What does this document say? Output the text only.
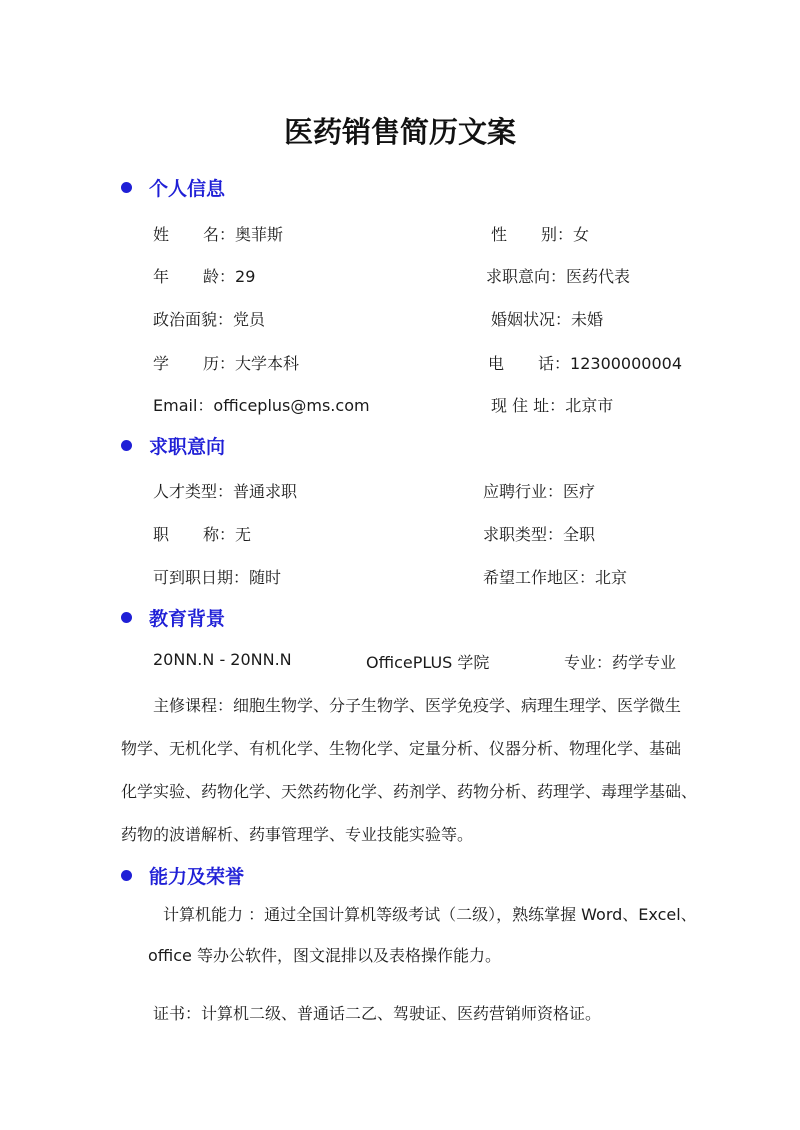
医药销售简历文案
个人信息
姓 名：奥菲斯	性 别：女
年 龄：29	求职意向：医药代表
政治面貌：党员	婚姻状况：未婚
学 历：大学本科	电 话：12300000004
Email：officeplus@ms.com	现 住 址：北京市
求职意向
人才类型：普通求职	应聘行业：医疗
职 称：无	求职类型：全职
可到职日期：随时	希望工作地区：北京
教育背景
20NN.N - 20NN.N	OfficePLUS 学院	专业：药学专业
主修课程：细胞生物学、分子生物学、医学免疫学、病理生理学、医学微生
物学、无机化学、有机化学、生物化学、定量分析、仪器分析、物理化学、基础
化学实验、药物化学、天然药物化学、药剂学、药物分析、药理学、毒理学基础、
药物的波谱解析、药事管理学、专业技能实验等。
能力及荣誉
计算机能力 ：通过全国计算机等级考试（二级），熟练掌握 Word、Excel、
office 等办公软件，图文混排以及表格操作能力。
证书：计算机二级、普通话二乙、驾驶证、医药营销师资格证。
